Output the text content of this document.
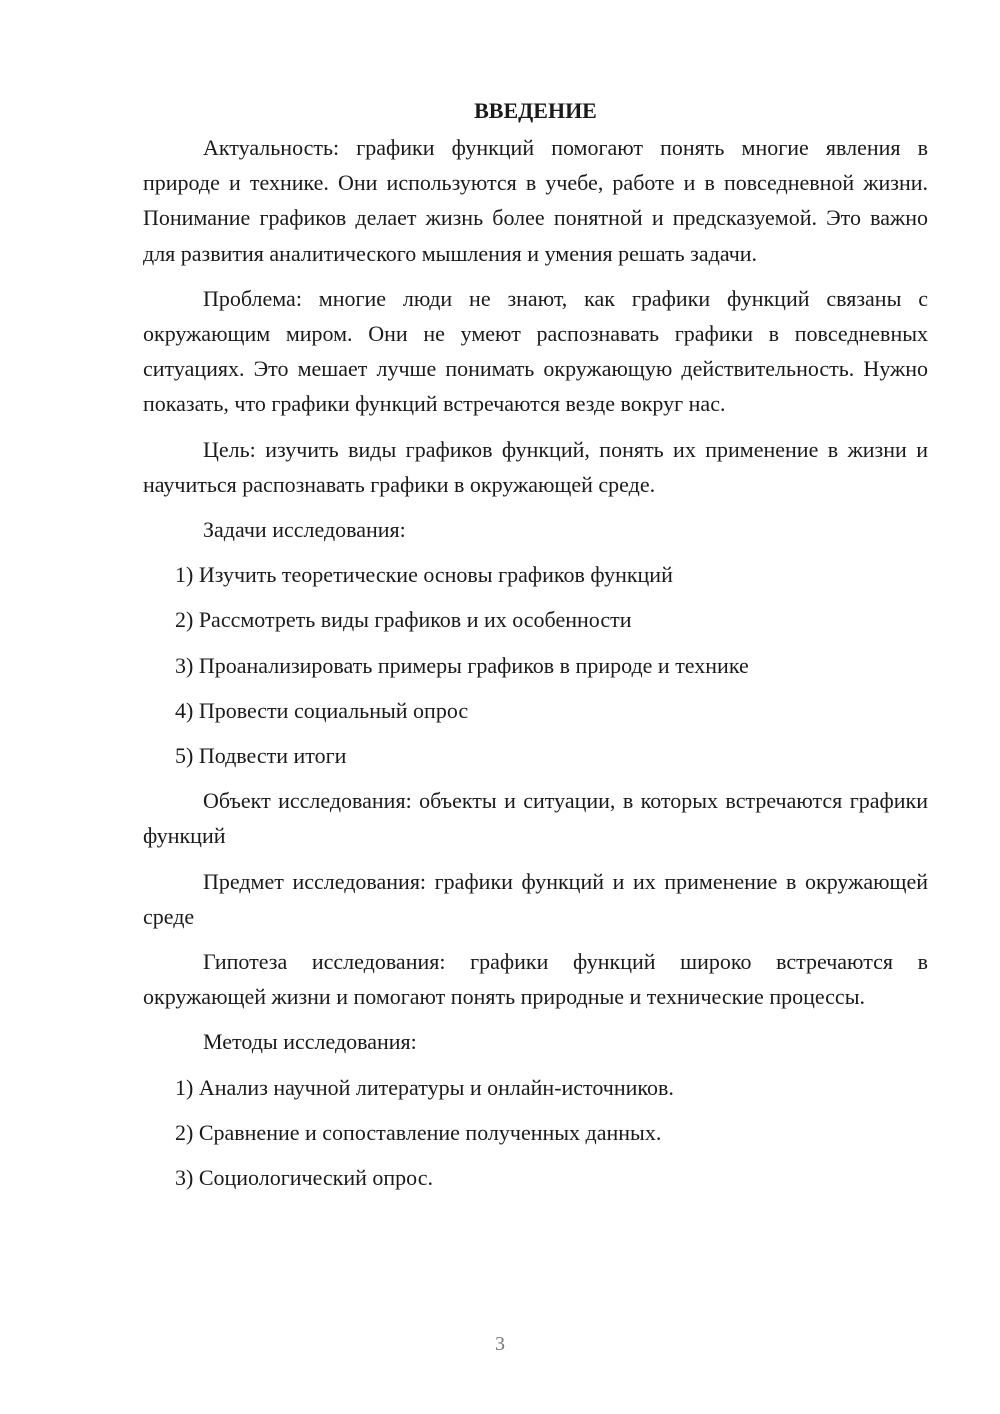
ВВЕДЕНИЕ

Актуальность: графики функций помогают понять многие явления в природе и технике. Они используются в учебе, работе и в повседневной жизни. Понимание графиков делает жизнь более понятной и предсказуемой. Это важно для развития аналитического мышления и умения решать задачи.

Проблема: многие люди не знают, как графики функций связаны с окружающим миром. Они не умеют распознавать графики в повседневных ситуациях. Это мешает лучше понимать окружающую действительность. Нужно показать, что графики функций встречаются везде вокруг нас.

Цель: изучить виды графиков функций, понять их применение в жизни и научиться распознавать графики в окружающей среде.

Задачи исследования:

1) Изучить теоретические основы графиков функций
2) Рассмотреть виды графиков и их особенности
3) Проанализировать примеры графиков в природе и технике
4) Провести социальный опрос
5) Подвести итоги

Объект исследования: объекты и ситуации, в которых встречаются графики функций

Предмет исследования: графики функций и их применение в окружающей среде

Гипотеза исследования: графики функций широко встречаются в окружающей жизни и помогают понять природные и технические процессы.

Методы исследования:

1) Анализ научной литературы и онлайн-источников.
2) Сравнение и сопоставление полученных данных.
3) Социологический опрос.
3
